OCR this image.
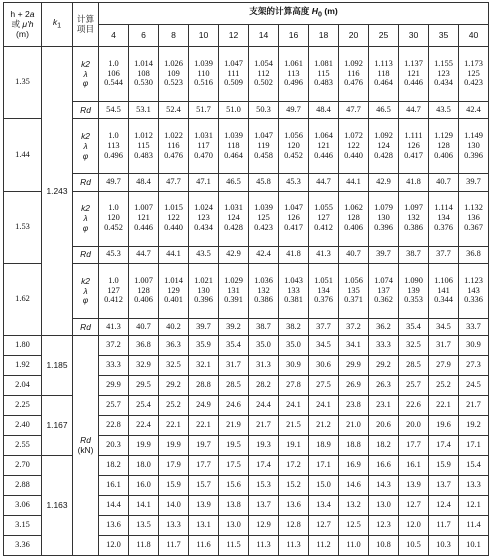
h + 2a
或 μ'h
(m)	$k_1$	计算
项目	支架的计算高度 $H_0$ (m)												
			4	6	8	10	12	14	16	18	20	25	30	35	40
1.35	1.243	k2
λ
φ	1.0
106
0.544	1.014
108
0.530	1.026
109
0.523	1.039
110
0.516	1.047
111
0.509	1.054
112
0.502	1.061
113
0.496	1.081
115
0.483	1.092
116
0.476	1.113
118
0.464	1.137
121
0.446	1.155
123
0.434	1.173
125
0.423

		Rd	54.5	53.1	52.4	51.7	51.0	50.3	49.7	48.4	47.7	46.5	44.7	43.5	42.4
1.44		k2
λ
φ	1.0
113
0.496	1.012
115
0.483	1.022
116
0.476	1.031
117
0.470	1.039
118
0.464	1.047
119
0.458	1.056
120
0.452	1.064
121
0.446	1.072
122
0.440	1.092
124
0.428	1.111
126
0.417	1.129
128
0.406	1.149
130
0.396

		Rd	49.7	48.4	47.7	47.1	46.5	45.8	45.3	44.7	44.1	42.9	41.8	40.7	39.7
1.53		k2
λ
φ	1.0
120
0.452	1.007
121
0.446	1.015
122
0.440	1.024
123
0.434	1.031
124
0.428	1.039
125
0.423	1.047
126
0.417	1.055
127
0.412	1.062
128
0.406	1.079
130
0.396	1.097
132
0.386	1.114
134
0.376	1.132
136
0.367

		Rd	45.3	44.7	44.1	43.5	42.9	42.4	41.8	41.3	40.7	39.7	38.7	37.7	36.8
1.62		k2
λ
φ	1.0
127
0.412	1.007
128
0.406	1.014
129
0.401	1.021
130
0.396	1.029
131
0.391	1.036
132
0.386	1.043
133
0.381	1.051
134
0.376	1.056
135
0.371	1.074
137
0.362	1.090
139
0.353	1.106
141
0.344	1.123
143
0.336

		Rd	41.3	40.7	40.2	39.7	39.2	38.7	38.2	37.7	37.2	36.2	35.4	34.5	33.7
1.80	1.185	Rd
(kN)	37.2	36.8	36.3	35.9	35.4	35.0	35.0	34.5	34.1	33.3	32.5	31.7	30.9
1.92			33.3	32.9	32.5	32.1	31.7	31.3	30.9	30.6	29.9	29.2	28.5	27.9	27.3
2.04			29.9	29.5	29.2	28.8	28.5	28.2	27.8	27.5	26.9	26.3	25.7	25.2	24.5
2.25	1.167		25.7	25.4	25.2	24.9	24.6	24.4	24.1	24.1	23.8	23.1	22.6	22.1	21.7
2.40			22.8	22.4	22.1	22.1	21.9	21.7	21.5	21.2	21.0	20.6	20.0	19.6	19.2
2.55			20.3	19.9	19.9	19.7	19.5	19.3	19.1	18.9	18.8	18.2	17.7	17.4	17.1
2.70	1.163		18.2	18.0	17.9	17.7	17.5	17.4	17.2	17.1	16.9	16.6	16.1	15.9	15.4
2.88			16.1	16.0	15.9	15.7	15.6	15.3	15.2	15.0	14.6	14.3	13.9	13.7	13.3
3.06			14.4	14.1	14.0	13.9	13.8	13.7	13.6	13.4	13.2	13.0	12.7	12.4	12.1
3.15			13.6	13.5	13.3	13.1	13.0	12.9	12.8	12.7	12.5	12.3	12.0	11.7	11.4
3.36			12.0	11.8	11.7	11.6	11.5	11.3	11.3	11.2	11.0	10.8	10.5	10.3	10.1
